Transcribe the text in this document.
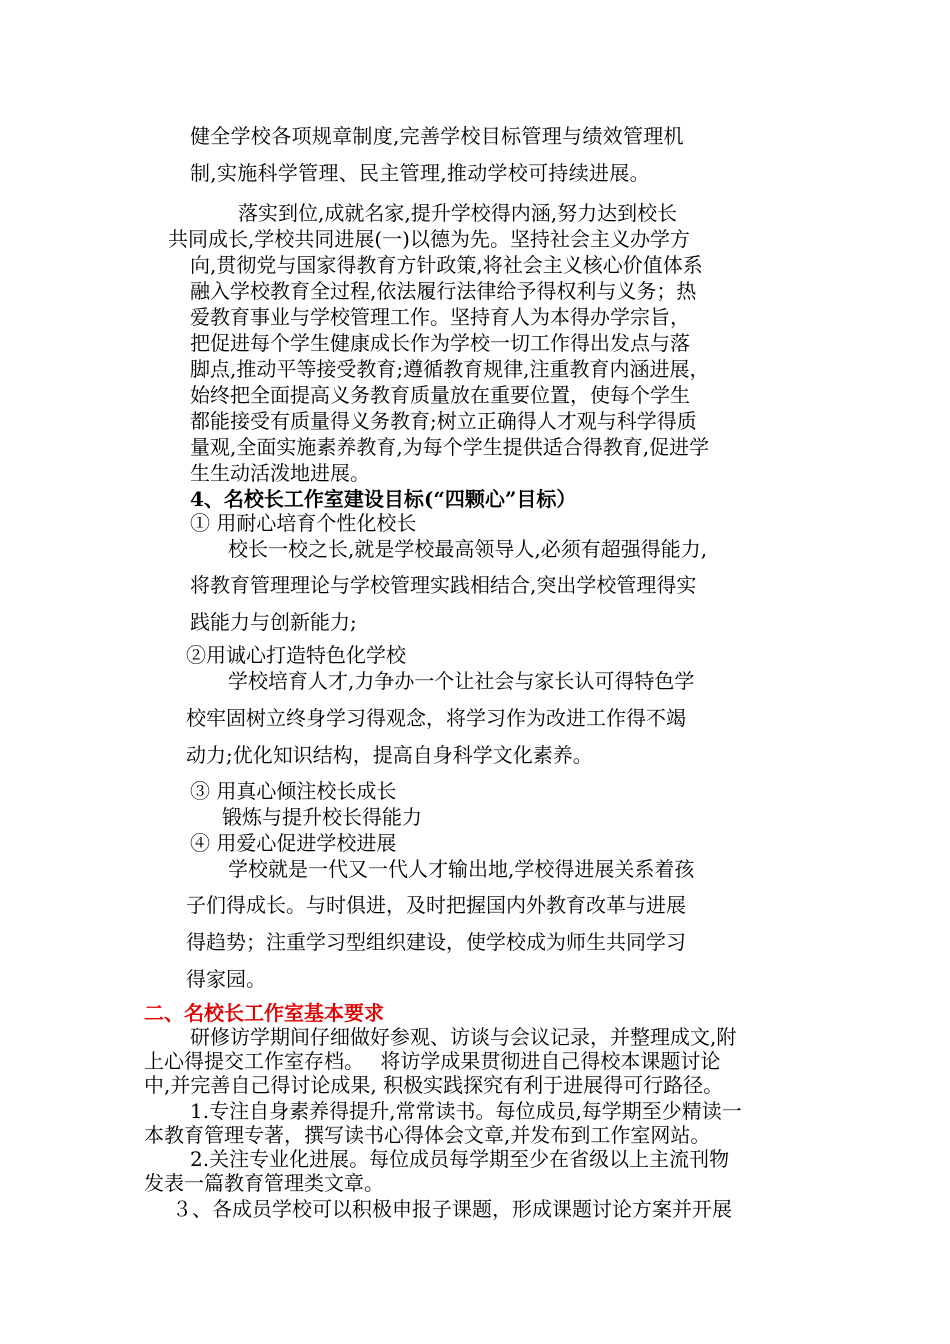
健全学校各项规章制度,完善学校目标管理与绩效管理机
制,实施科学管理、民主管理,推动学校可持续进展。
落实到位,成就名家,提升学校得内涵,努力达到校长
共同成长,学校共同进展(一)以德为先。坚持社会主义办学方
向,贯彻党与国家得教育方针政策,将社会主义核心价值体系
融入学校教育全过程,依法履行法律给予得权利与义务；热
爱教育事业与学校管理工作。坚持育人为本得办学宗旨，
把促进每个学生健康成长作为学校一切工作得出发点与落
脚点,推动平等接受教育;遵循教育规律,注重教育内涵进展，
始终把全面提高义务教育质量放在重要位置，使每个学生
都能接受有质量得义务教育;树立正确得人才观与科学得质
量观,全面实施素养教育,为每个学生提供适合得教育,促进学
生生动活泼地进展。
4、名校长工作室建设目标(“四颗心”目标）
① 用耐心培育个性化校长
校长一校之长,就是学校最高领导人,必须有超强得能力,
将教育管理理论与学校管理实践相结合,突出学校管理得实
践能力与创新能力;
②用诚心打造特色化学校
学校培育人才,力争办一个让社会与家长认可得特色学
校牢固树立终身学习得观念，将学习作为改进工作得不竭
动力;优化知识结构，提高自身科学文化素养。
③ 用真心倾注校长成长
锻炼与提升校长得能力
④ 用爱心促进学校进展
学校就是一代又一代人才输出地,学校得进展关系着孩
子们得成长。与时俱进，及时把握国内外教育改革与进展
得趋势；注重学习型组织建设，使学校成为师生共同学习
得家园。
二、名校长工作室基本要求
研修访学期间仔细做好参观、访谈与会议记录，并整理成文,附
上心得提交工作室存档。　 将访学成果贯彻进自己得校本课题讨论
中,并完善自己得讨论成果, 积极实践探究有利于进展得可行路径。
1.专注自身素养得提升,常常读书。每位成员,每学期至少精读一
本教育管理专著，撰写读书心得体会文章,并发布到工作室网站。
2.关注专业化进展。每位成员每学期至少在省级以上主流刊物
发表一篇教育管理类文章。
３、各成员学校可以积极申报子课题，形成课题讨论方案并开展
